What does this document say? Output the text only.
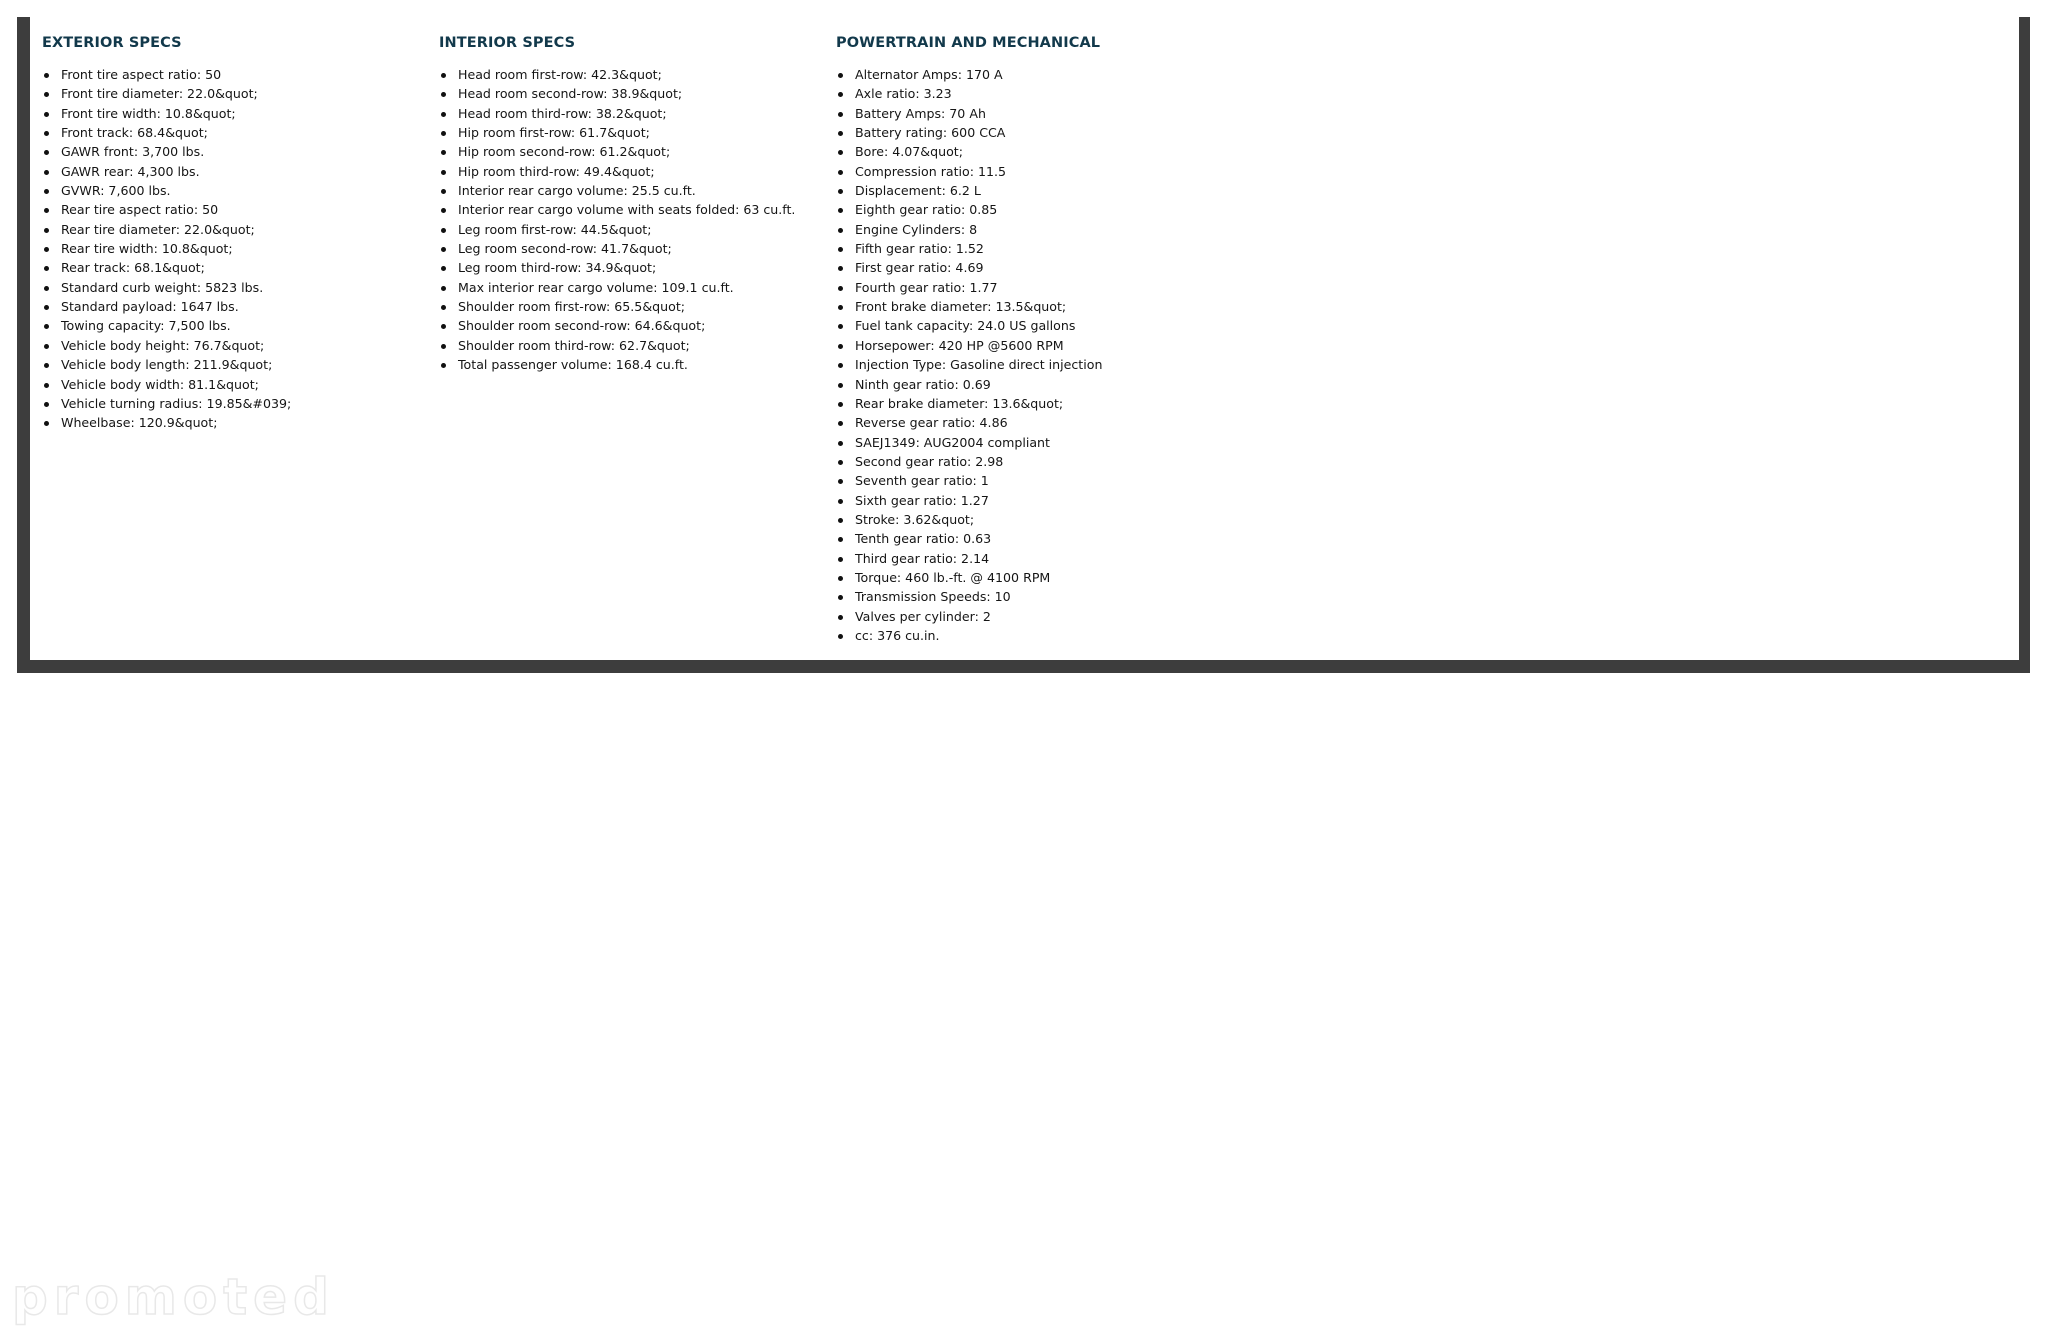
EXTERIOR SPECS
Front tire aspect ratio: 50
Front tire diameter: 22.0&quot;
Front tire width: 10.8&quot;
Front track: 68.4&quot;
GAWR front: 3,700 lbs.
GAWR rear: 4,300 lbs.
GVWR: 7,600 lbs.
Rear tire aspect ratio: 50
Rear tire diameter: 22.0&quot;
Rear tire width: 10.8&quot;
Rear track: 68.1&quot;
Standard curb weight: 5823 lbs.
Standard payload: 1647 lbs.
Towing capacity: 7,500 lbs.
Vehicle body height: 76.7&quot;
Vehicle body length: 211.9&quot;
Vehicle body width: 81.1&quot;
Vehicle turning radius: 19.85&#039;
Wheelbase: 120.9&quot;
INTERIOR SPECS
Head room first-row: 42.3&quot;
Head room second-row: 38.9&quot;
Head room third-row: 38.2&quot;
Hip room first-row: 61.7&quot;
Hip room second-row: 61.2&quot;
Hip room third-row: 49.4&quot;
Interior rear cargo volume: 25.5 cu.ft.
Interior rear cargo volume with seats folded: 63 cu.ft.
Leg room first-row: 44.5&quot;
Leg room second-row: 41.7&quot;
Leg room third-row: 34.9&quot;
Max interior rear cargo volume: 109.1 cu.ft.
Shoulder room first-row: 65.5&quot;
Shoulder room second-row: 64.6&quot;
Shoulder room third-row: 62.7&quot;
Total passenger volume: 168.4 cu.ft.
POWERTRAIN AND MECHANICAL
Alternator Amps: 170 A
Axle ratio: 3.23
Battery Amps: 70 Ah
Battery rating: 600 CCA
Bore: 4.07&quot;
Compression ratio: 11.5
Displacement: 6.2 L
Eighth gear ratio: 0.85
Engine Cylinders: 8
Fifth gear ratio: 1.52
First gear ratio: 4.69
Fourth gear ratio: 1.77
Front brake diameter: 13.5&quot;
Fuel tank capacity: 24.0 US gallons
Horsepower: 420 HP @5600 RPM
Injection Type: Gasoline direct injection
Ninth gear ratio: 0.69
Rear brake diameter: 13.6&quot;
Reverse gear ratio: 4.86
SAEJ1349: AUG2004 compliant
Second gear ratio: 2.98
Seventh gear ratio: 1
Sixth gear ratio: 1.27
Stroke: 3.62&quot;
Tenth gear ratio: 0.63
Third gear ratio: 2.14
Torque: 460 lb.-ft. @ 4100 RPM
Transmission Speeds: 10
Valves per cylinder: 2
cc: 376 cu.in.
promoted
